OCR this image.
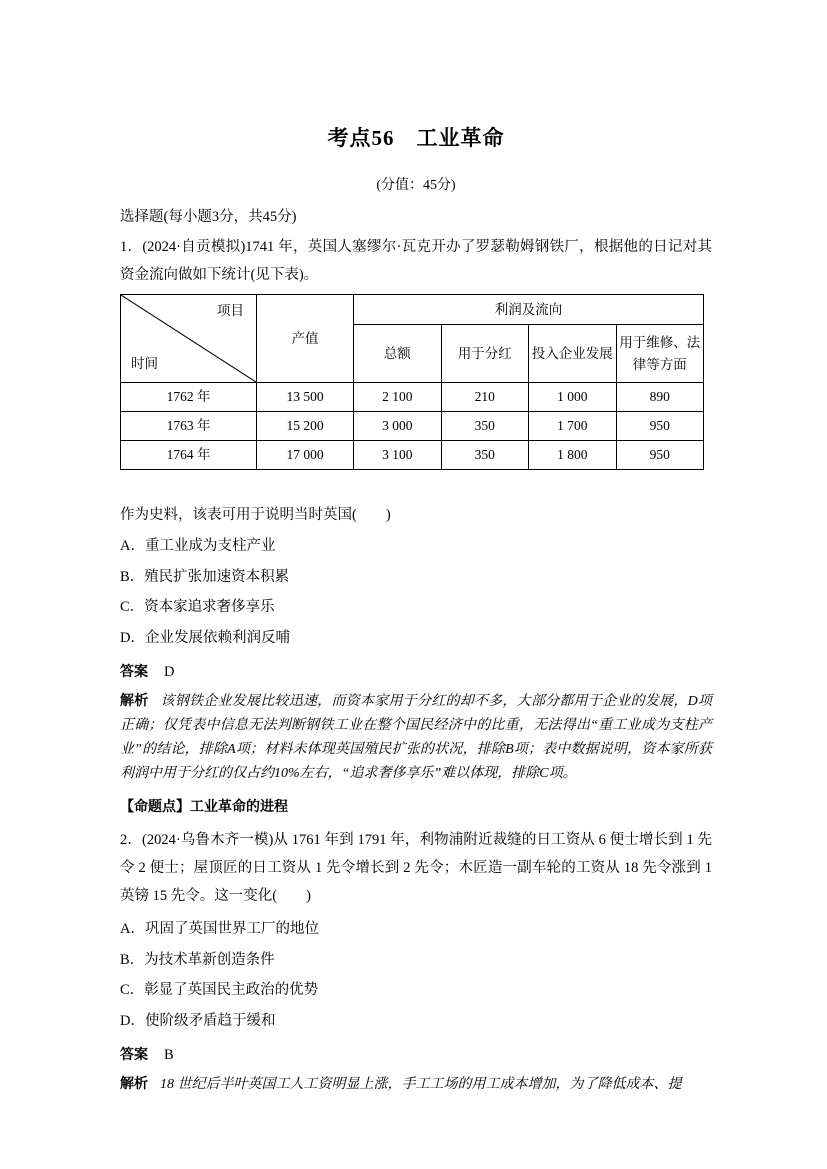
考点56　工业革命
(分值：45分)
选择题(每小题3分，共45分)
1．(2024·自贡模拟)1741 年，英国人塞缪尔·瓦克开办了罗瑟勒姆钢铁厂，根据他的日记对其资金流向做如下统计(见下表)。
项目
时间	产值	利润及流向			
		总额	用于分红	投入企业发展	用于维修、法律等方面
1762 年	13 500	2 100	210	1 000	890
1763 年	15 200	3 000	350	1 700	950
1764 年	17 000	3 100	350	1 800	950
作为史料，该表可用于说明当时英国(　　)
A．重工业成为支柱产业
B．殖民扩张加速资本积累
C．资本家追求奢侈享乐
D．企业发展依赖利润反哺
答案 D
解析 该钢铁企业发展比较迅速，而资本家用于分红的却不多，大部分都用于企业的发展，D项正确；仅凭表中信息无法判断钢铁工业在整个国民经济中的比重，无法得出“重工业成为支柱产业”的结论，排除A项；材料未体现英国殖民扩张的状况，排除B项；表中数据说明，资本家所获利润中用于分红的仅占约10%左右，“追求奢侈享乐”难以体现，排除C项。
【命题点】工业革命的进程
2．(2024·乌鲁木齐一模)从 1761 年到 1791 年，利物浦附近裁缝的日工资从 6 便士增长到 1 先令 2 便士；屋顶匠的日工资从 1 先令增长到 2 先令；木匠造一副车轮的工资从 18 先令涨到 1 英镑 15 先令。这一变化(　　)
A．巩固了英国世界工厂的地位
B．为技术革新创造条件
C．彰显了英国民主政治的优势
D．使阶级矛盾趋于缓和
答案 B
解析 18 世纪后半叶英国工人工资明显上涨，手工工场的用工成本增加，为了降低成本、提
